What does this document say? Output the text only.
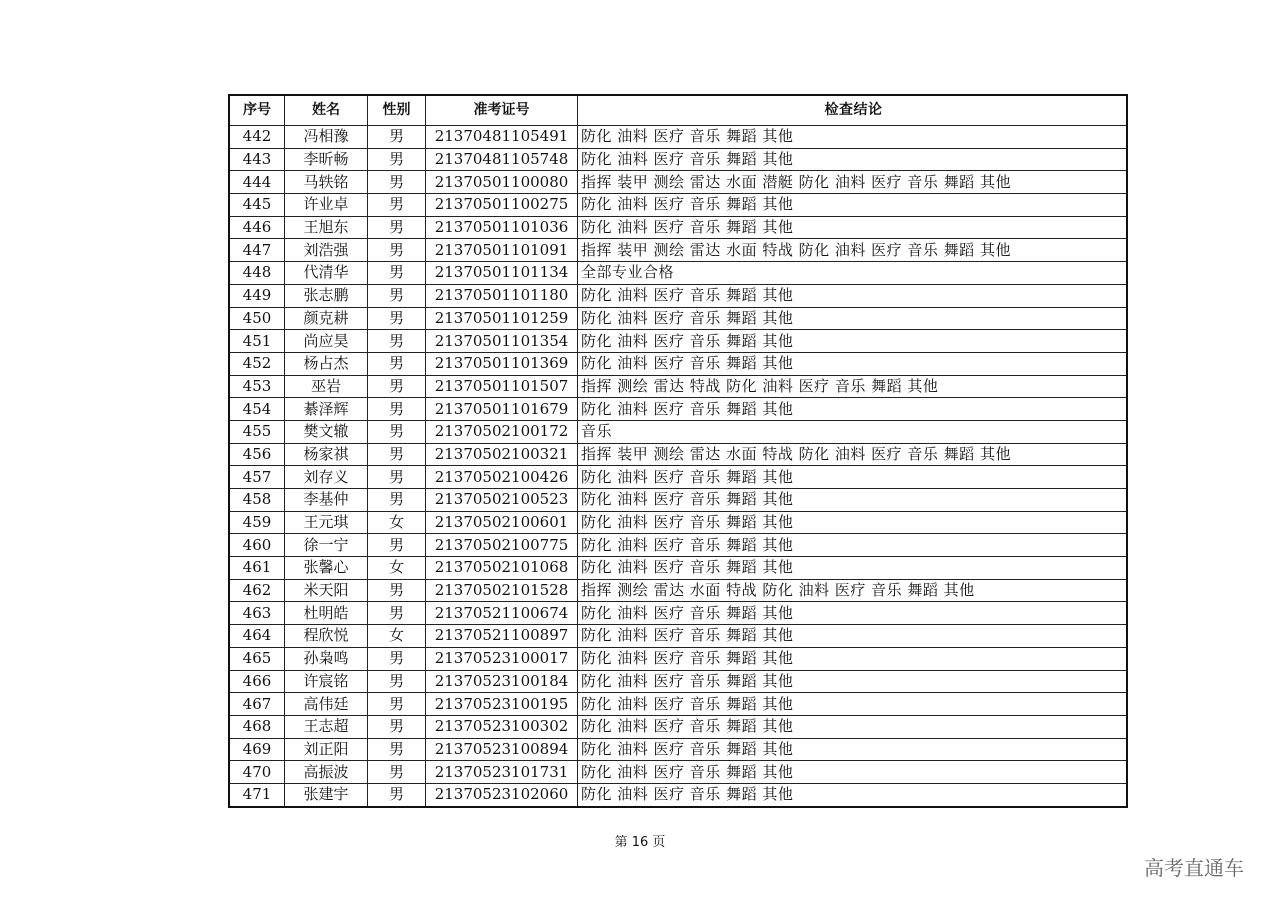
序号	姓名	性别	准考证号	检查结论
442	冯相豫	男	21370481105491	防化 油料 医疗 音乐 舞蹈 其他
443	李昕畅	男	21370481105748	防化 油料 医疗 音乐 舞蹈 其他
444	马轶铭	男	21370501100080	指挥 装甲 测绘 雷达 水面 潜艇 防化 油料 医疗 音乐 舞蹈 其他
445	许业卓	男	21370501100275	防化 油料 医疗 音乐 舞蹈 其他
446	王旭东	男	21370501101036	防化 油料 医疗 音乐 舞蹈 其他
447	刘浩强	男	21370501101091	指挥 装甲 测绘 雷达 水面 特战 防化 油料 医疗 音乐 舞蹈 其他
448	代清华	男	21370501101134	全部专业合格
449	张志鹏	男	21370501101180	防化 油料 医疗 音乐 舞蹈 其他
450	颜克耕	男	21370501101259	防化 油料 医疗 音乐 舞蹈 其他
451	尚应昊	男	21370501101354	防化 油料 医疗 音乐 舞蹈 其他
452	杨占杰	男	21370501101369	防化 油料 医疗 音乐 舞蹈 其他
453	巫岩	男	21370501101507	指挥 测绘 雷达 特战 防化 油料 医疗 音乐 舞蹈 其他
454	綦泽辉	男	21370501101679	防化 油料 医疗 音乐 舞蹈 其他
455	樊文辙	男	21370502100172	音乐
456	杨家祺	男	21370502100321	指挥 装甲 测绘 雷达 水面 特战 防化 油料 医疗 音乐 舞蹈 其他
457	刘存义	男	21370502100426	防化 油料 医疗 音乐 舞蹈 其他
458	李基仲	男	21370502100523	防化 油料 医疗 音乐 舞蹈 其他
459	王元琪	女	21370502100601	防化 油料 医疗 音乐 舞蹈 其他
460	徐一宁	男	21370502100775	防化 油料 医疗 音乐 舞蹈 其他
461	张馨心	女	21370502101068	防化 油料 医疗 音乐 舞蹈 其他
462	米天阳	男	21370502101528	指挥 测绘 雷达 水面 特战 防化 油料 医疗 音乐 舞蹈 其他
463	杜明皓	男	21370521100674	防化 油料 医疗 音乐 舞蹈 其他
464	程欣悦	女	21370521100897	防化 油料 医疗 音乐 舞蹈 其他
465	孙枭鸣	男	21370523100017	防化 油料 医疗 音乐 舞蹈 其他
466	许宸铭	男	21370523100184	防化 油料 医疗 音乐 舞蹈 其他
467	高伟廷	男	21370523100195	防化 油料 医疗 音乐 舞蹈 其他
468	王志超	男	21370523100302	防化 油料 医疗 音乐 舞蹈 其他
469	刘正阳	男	21370523100894	防化 油料 医疗 音乐 舞蹈 其他
470	高振波	男	21370523101731	防化 油料 医疗 音乐 舞蹈 其他
471	张建宇	男	21370523102060	防化 油料 医疗 音乐 舞蹈 其他
第 16 页
高考直通车
